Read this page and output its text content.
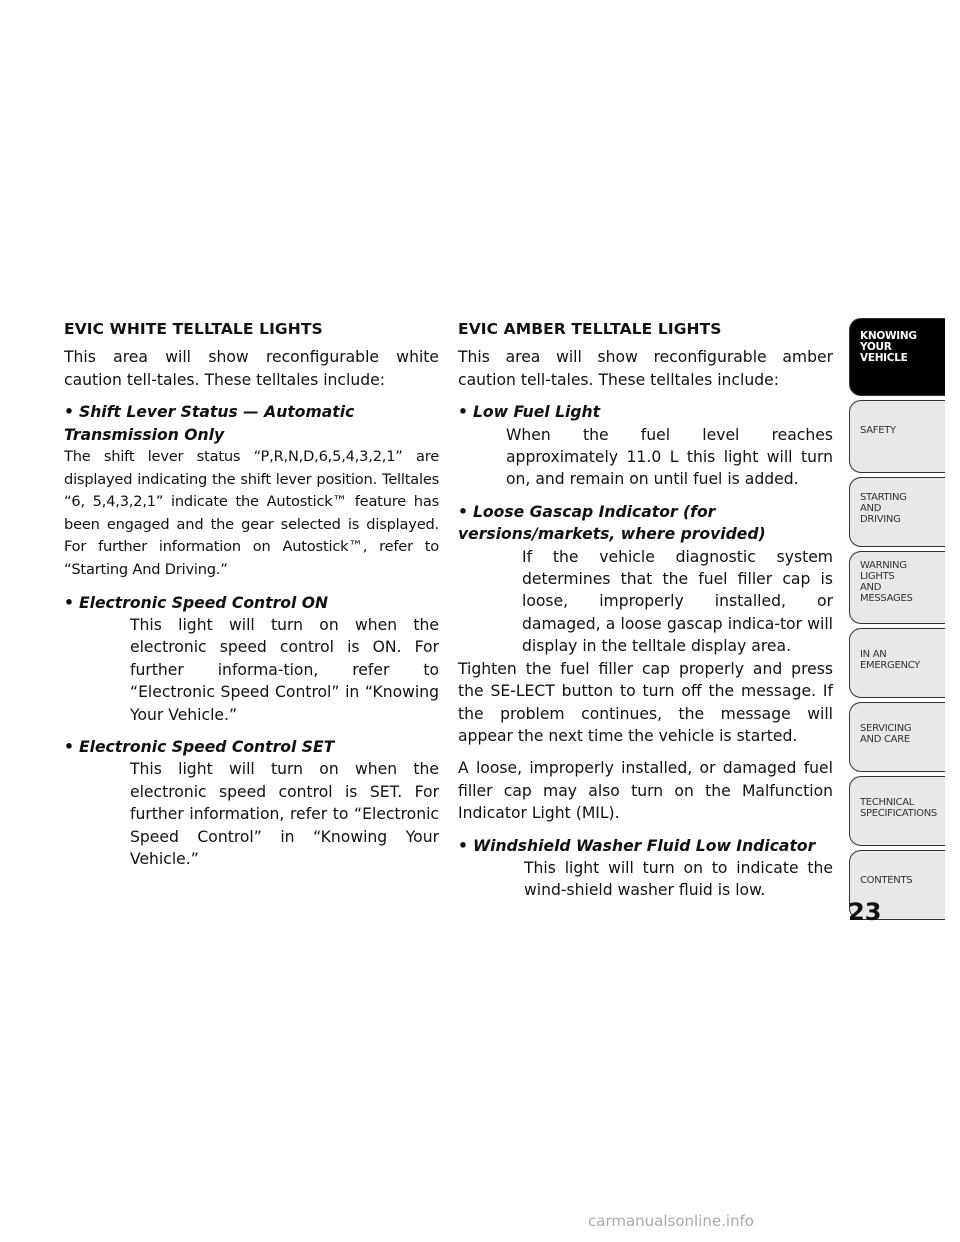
EVIC WHITE TELLTALE LIGHTS

This area will show reconfigurable white caution tell-tales. These telltales include:

• Shift Lever Status — Automatic Transmission Only

The shift lever status “P,R,N,D,6,5,4,3,2,1” are displayed indicating the shift lever position. Telltales “6, 5,4,3,2,1” indicate the Autostick™ feature has been engaged and the gear selected is displayed. For further information on Autostick™, refer to “Starting And Driving.”

• Electronic Speed Control ON

This light will turn on when the electronic speed control is ON. For further informa-tion, refer to “Electronic Speed Control” in “Knowing Your Vehicle.”

• Electronic Speed Control SET

This light will turn on when the electronic speed control is SET. For further information, refer to “Electronic Speed Control” in “Knowing Your Vehicle.”

EVIC AMBER TELLTALE LIGHTS

This area will show reconfigurable amber caution tell-tales. These telltales include:

• Low Fuel Light

When the fuel level reaches approximately 11.0 L this light will turn on, and remain on until fuel is added.

• Loose Gascap Indicator (for versions/markets, where provided)

If the vehicle diagnostic system determines that the fuel filler cap is loose, improperly installed, or damaged, a loose gascap indica-tor will display in the telltale display area.

Tighten the fuel filler cap properly and press the SE-LECT button to turn off the message. If the problem continues, the message will appear the next time the vehicle is started.

A loose, improperly installed, or damaged fuel filler cap may also turn on the Malfunction Indicator Light (MIL).

• Windshield Washer Fluid Low Indicator

This light will turn on to indicate the wind-shield washer fluid is low.

KNOWING
YOUR
VEHICLE
SAFETY
STARTING
AND
DRIVING
WARNING
LIGHTS
AND
MESSAGES
IN AN
EMERGENCY
SERVICING
AND CARE
TECHNICAL
SPECIFICATIONS
CONTENTS
23
carmanualsonline.info
